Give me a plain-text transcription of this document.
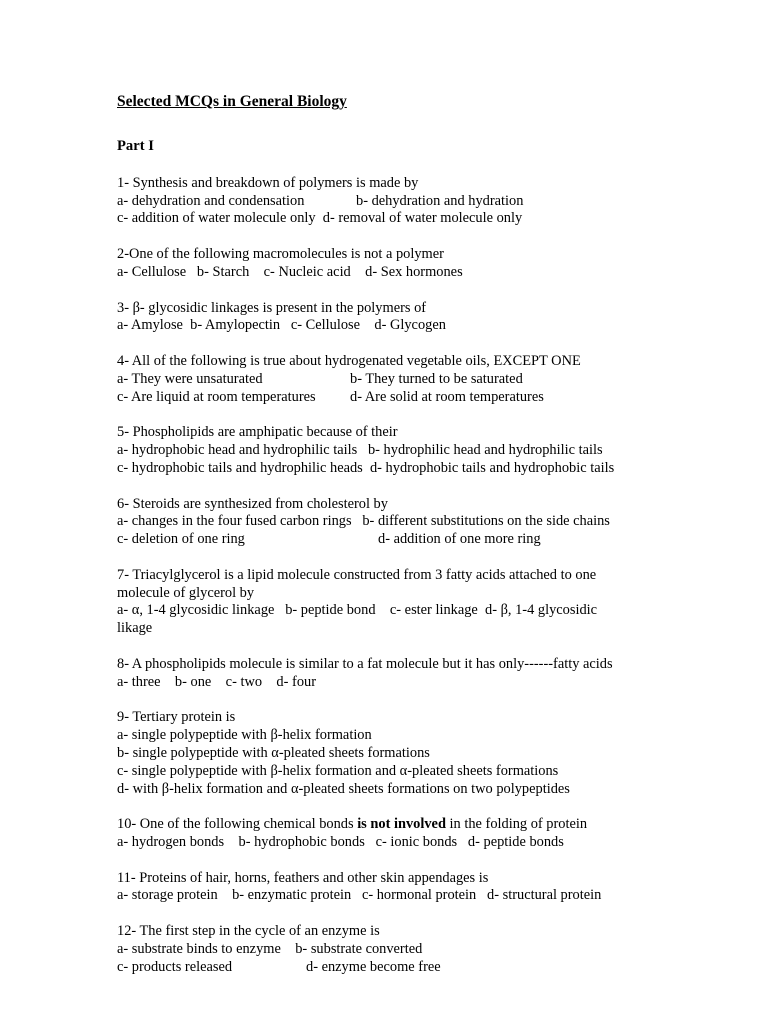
Selected MCQs in General Biology
Part I
1- Synthesis and breakdown of polymers is made by

a- dehydration and condensation

	b- dehydration and hydration

c- addition of water molecule only  d- removal of water molecule only
2-One of the following macromolecules is not a polymer
a- Cellulose   b- Starch    c- Nucleic acid    d- Sex hormones
3- β- glycosidic linkages is present in the polymers of
a- Amylose  b- Amylopectin   c- Cellulose    d- Glycogen
4- All of the following is true about hydrogenated vegetable oils, EXCEPT ONE

a- They were unsaturated

	b- They turned to be saturated

c- Are liquid at room temperatures

d- Are solid at room temperatures

5- Phospholipids are amphipatic because of their
a- hydrophobic head and hydrophilic tails   b- hydrophilic head and hydrophilic tails
c- hydrophobic tails and hydrophilic heads  d- hydrophobic tails and hydrophobic tails
6- Steroids are synthesized from cholesterol by
a- changes in the four fused carbon rings   b- different substitutions on the side chains

c- deletion of one ring

	d- addition of one more ring

7- Triacylglycerol is a lipid molecule constructed from 3 fatty acids attached to one
molecule of glycerol by
a- α, 1-4 glycosidic linkage   b- peptide bond    c- ester linkage  d- β, 1-4 glycosidic
likage
8- A phospholipids molecule is similar to a fat molecule but it has only------fatty acids
a- three    b- one    c- two    d- four
9- Tertiary protein is
a- single polypeptide with β-helix formation
b- single polypeptide with α-pleated sheets formations
c- single polypeptide with β-helix formation and α-pleated sheets formations
d- with β-helix formation and α-pleated sheets formations on two polypeptides
10- One of the following chemical bonds is not involved in the folding of protein
a- hydrogen bonds    b- hydrophobic bonds   c- ionic bonds   d- peptide bonds
11- Proteins of hair, horns, feathers and other skin appendages is
a- storage protein    b- enzymatic protein   c- hormonal protein   d- structural protein
12- The first step in the cycle of an enzyme is
a- substrate binds to enzyme    b- substrate converted

c- products released

	d- enzyme become free
